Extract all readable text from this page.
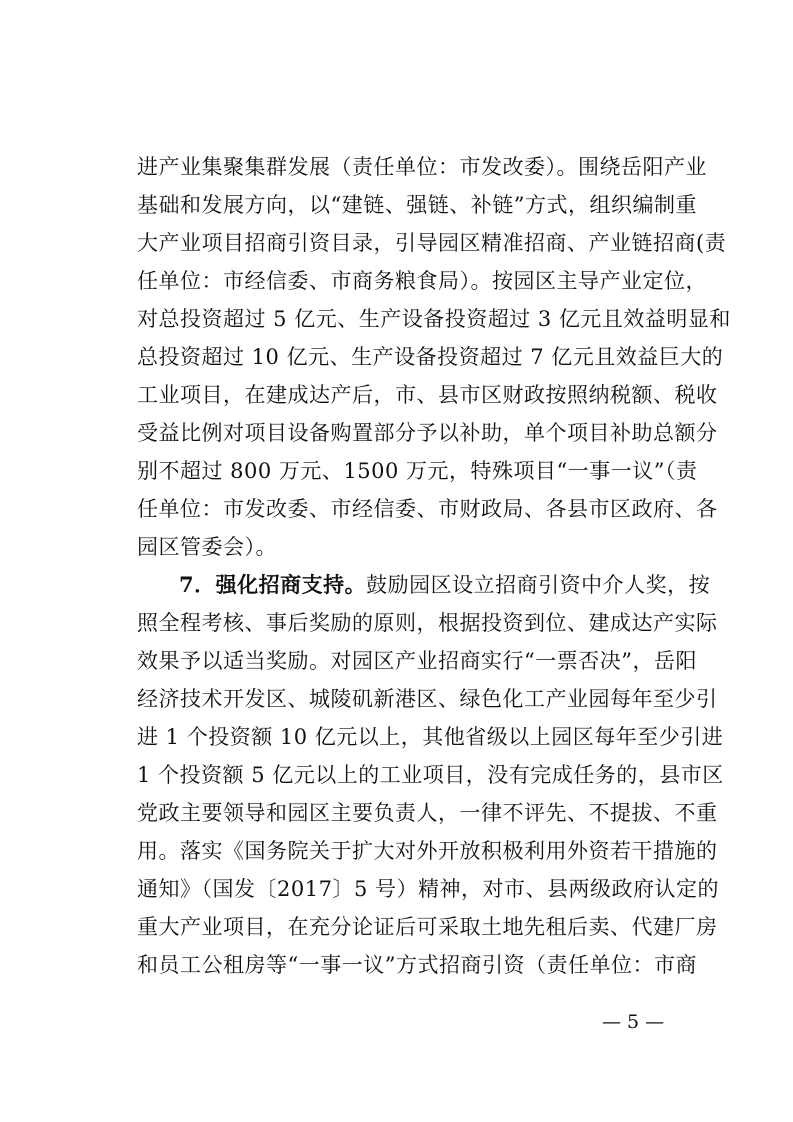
进产业集聚集群发展（责任单位：市发改委）。围绕岳阳产业
基础和发展方向，以“建链、强链、补链”方式，组织编制重
大产业项目招商引资目录，引导园区精准招商、产业链招商(责
任单位：市经信委、市商务粮食局）。按园区主导产业定位，
对总投资超过 5 亿元、生产设备投资超过 3 亿元且效益明显和
总投资超过 10 亿元、生产设备投资超过 7 亿元且效益巨大的
工业项目，在建成达产后，市、县市区财政按照纳税额、税收
受益比例对项目设备购置部分予以补助，单个项目补助总额分
别不超过 800 万元、1500 万元，特殊项目“一事一议”（责
任单位：市发改委、市经信委、市财政局、各县市区政府、各
园区管委会）。
7．强化招商支持。鼓励园区设立招商引资中介人奖，按
照全程考核、事后奖励的原则，根据投资到位、建成达产实际
效果予以适当奖励。对园区产业招商实行“一票否决”，岳阳
经济技术开发区、城陵矶新港区、绿色化工产业园每年至少引
进 1 个投资额 10 亿元以上，其他省级以上园区每年至少引进
1 个投资额 5 亿元以上的工业项目，没有完成任务的，县市区
党政主要领导和园区主要负责人，一律不评先、不提拔、不重
用。落实《国务院关于扩大对外开放积极利用外资若干措施的
通知》（国发〔2017〕5 号）精神，对市、县两级政府认定的
重大产业项目，在充分论证后可采取土地先租后卖、代建厂房
和员工公租房等“一事一议”方式招商引资（责任单位：市商
— 5 —
